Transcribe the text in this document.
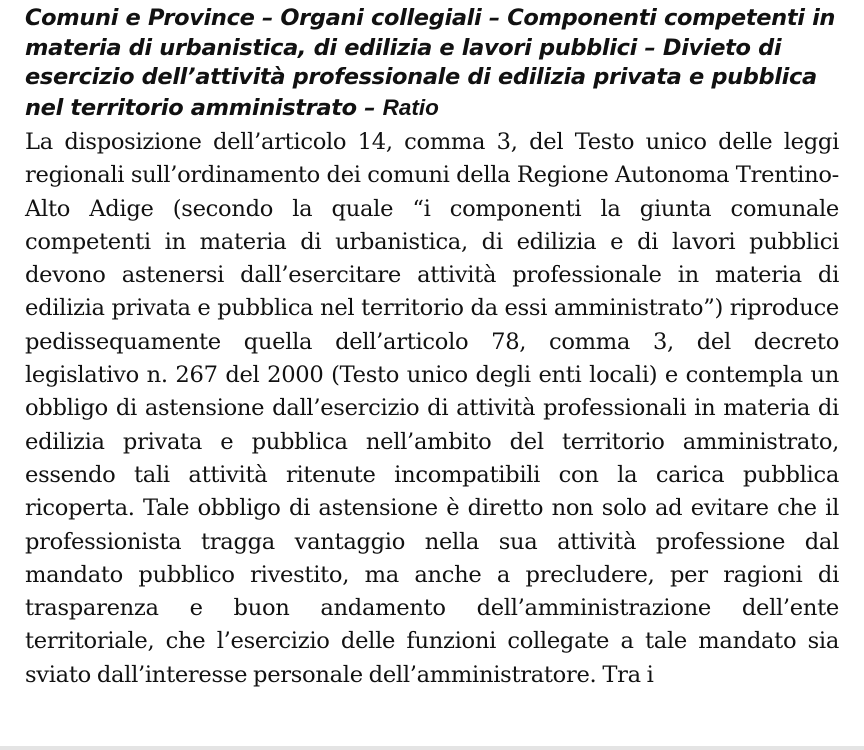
Comuni e Province – Organi collegiali – Componenti competenti in materia di urbanistica, di edilizia e lavori pubblici – Divieto di esercizio dell’attività professionale di edilizia privata e pubblica nel territorio amministrato – Ratio

La disposizione dell’articolo 14, comma 3, del Testo unico delle leggi regionali sull’ordinamento dei comuni della Regione Autonoma Trentino-Alto Adige (secondo la quale “i componenti la giunta comunale competenti in materia di urbanistica, di edilizia e di lavori pubblici devono astenersi dall’esercitare attività professionale in materia di edilizia privata e pubblica nel territorio da essi amministrato”) riproduce pedissequamente quella dell’articolo 78, comma 3, del decreto legislativo n. 267 del 2000 (Testo unico degli enti locali) e contempla un obbligo di astensione dall’esercizio di attività professionali in materia di edilizia privata e pubblica nell’ambito del territorio amministrato, essendo tali attività ritenute incompatibili con la carica pubblica ricoperta. Tale obbligo di astensione è diretto non solo ad evitare che il professionista tragga vantaggio nella sua attività professione dal mandato pubblico rivestito, ma anche a precludere, per ragioni di trasparenza e buon andamento dell’amministrazione dell’ente territoriale, che l’esercizio delle funzioni collegate a tale mandato sia sviato dall’interesse personale dell’amministratore. Tra i
